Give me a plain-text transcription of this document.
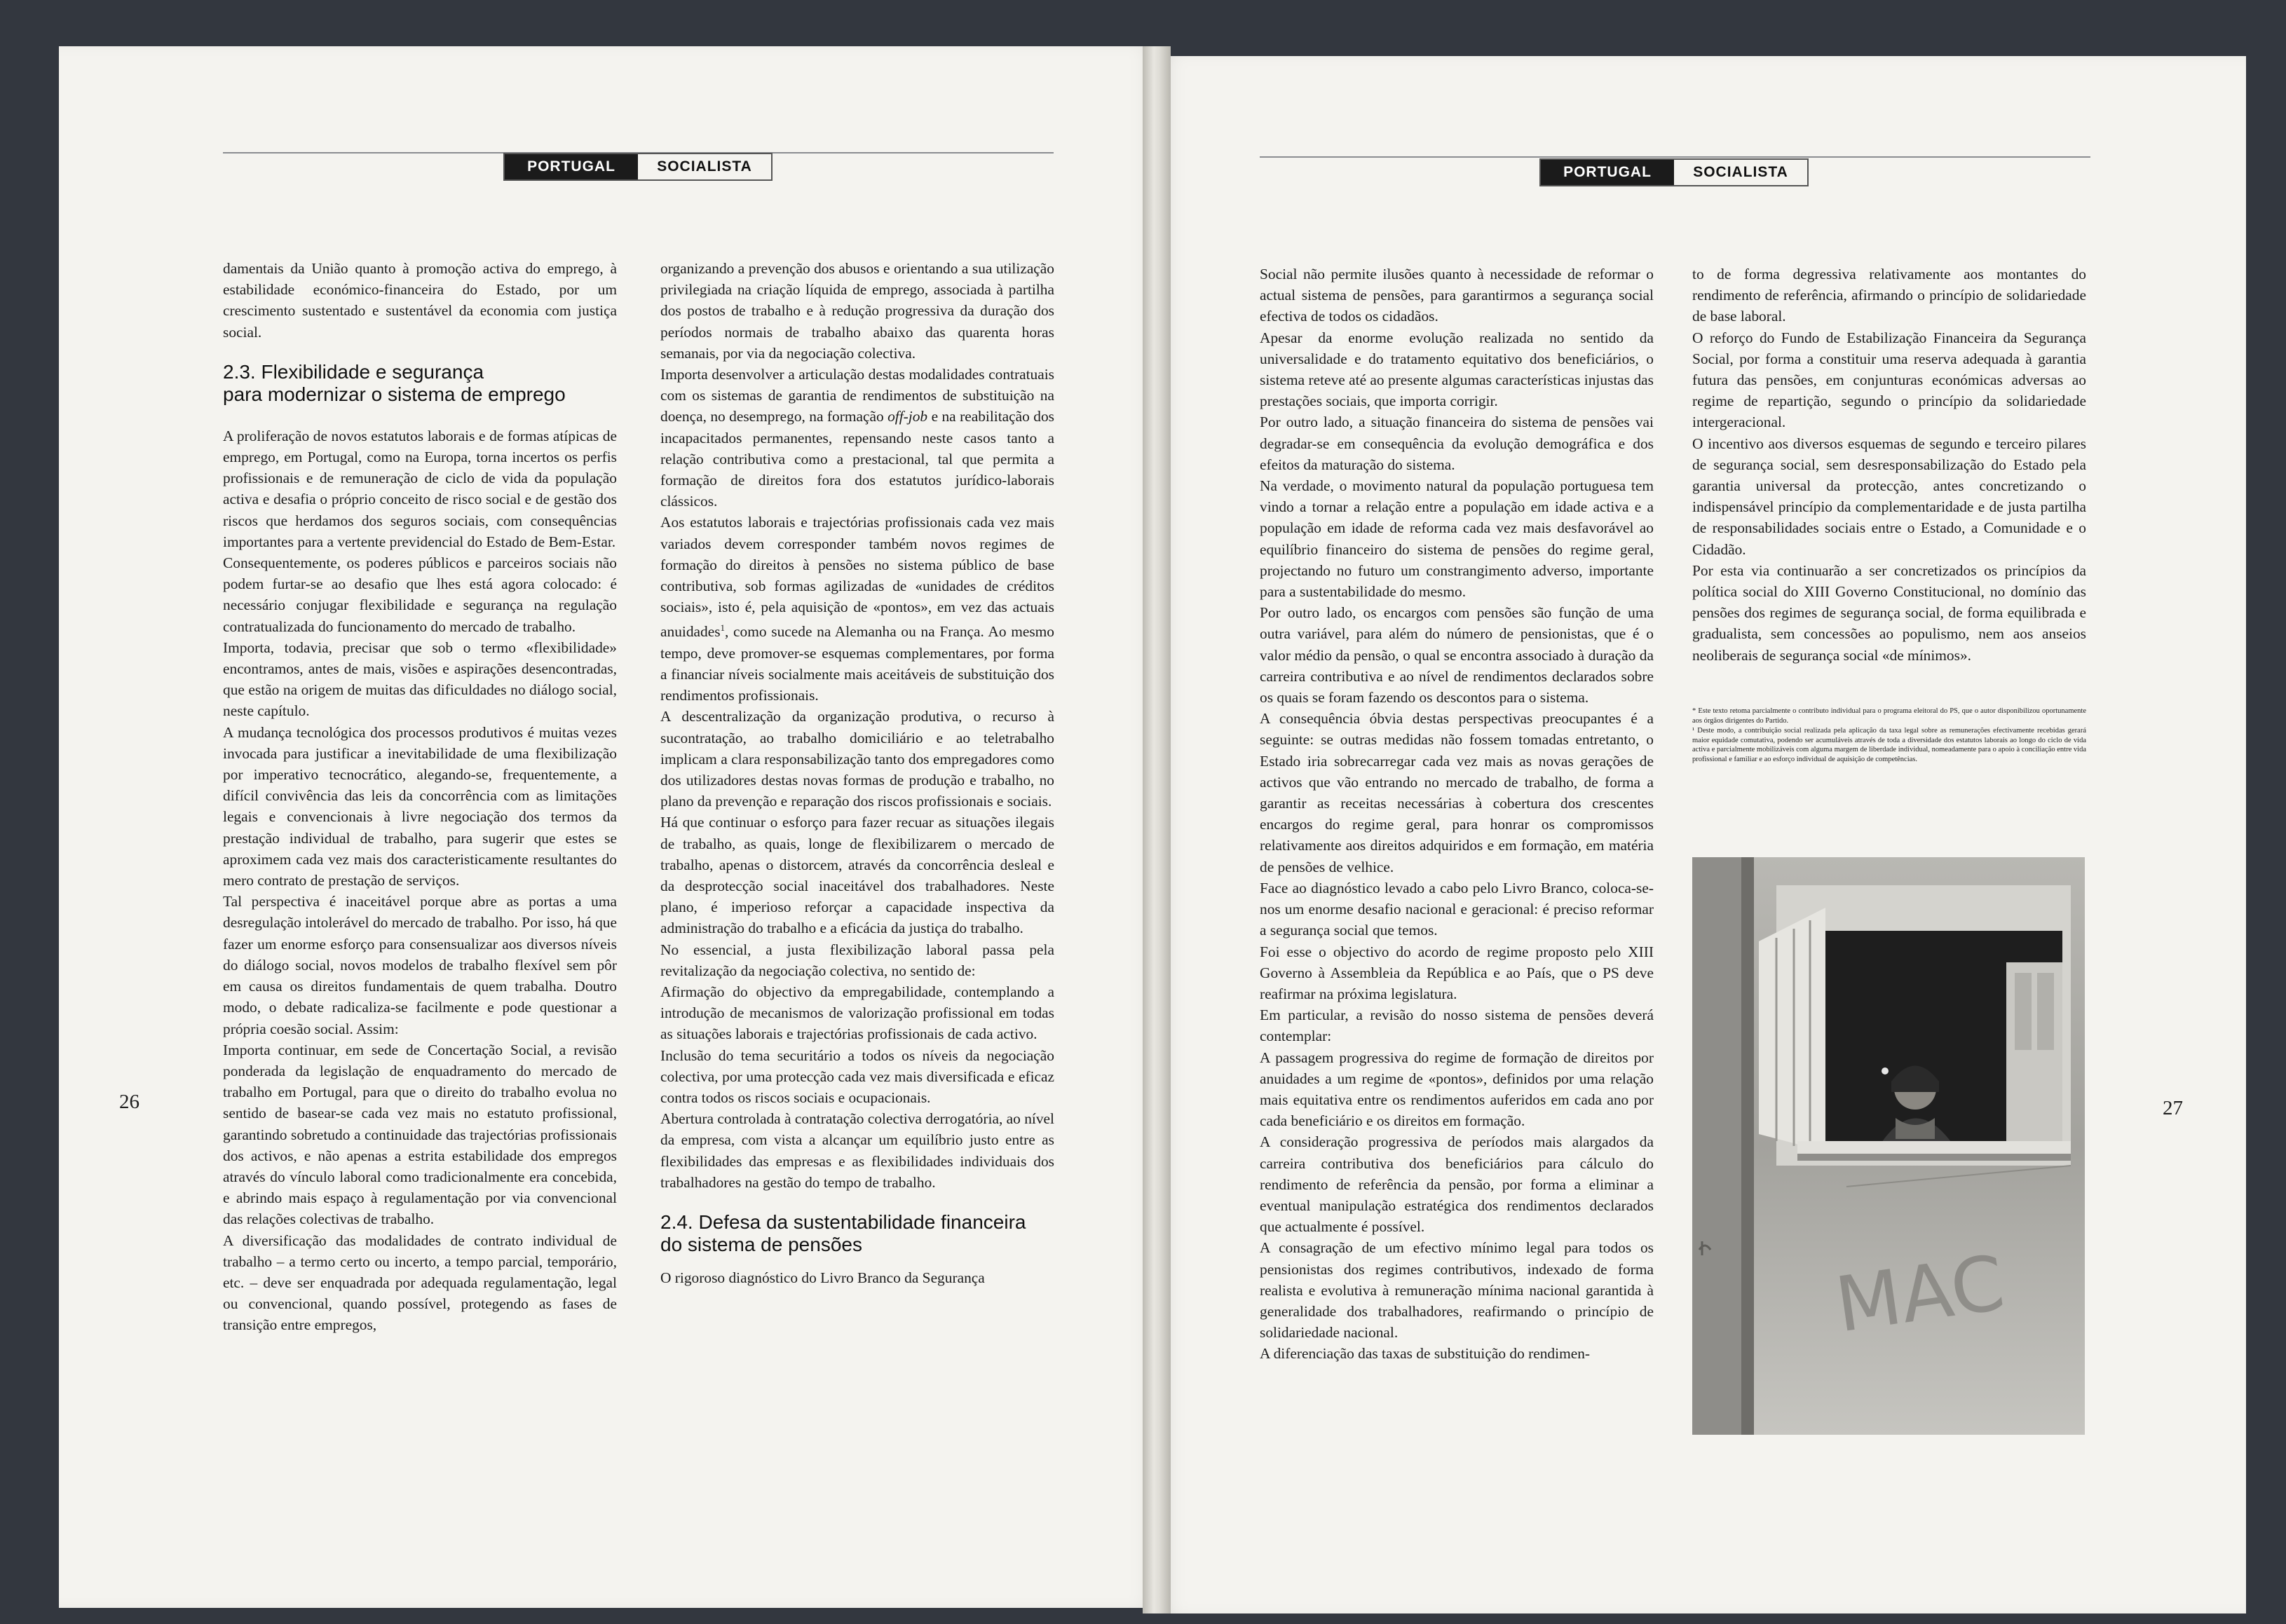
PORTUGAL	SOCIALISTA	PORTUGAL	SOCIALISTA

damentais da União quanto à promoção activa do emprego, à estabilidade económico-financeira do Estado, por um crescimento sustentado e sustentável da economia com justiça social.

2.3. Flexibilidade e segurança
para modernizar o sistema de emprego

A proliferação de novos estatutos laborais e de formas atípicas de emprego, em Portugal, como na Europa, torna incertos os perfis profissionais e de remuneração de ciclo de vida da população activa e desafia o próprio conceito de risco social e de gestão dos riscos que herdamos dos seguros sociais, com consequências importantes para a vertente previdencial do Estado de Bem-Estar.

Consequentemente, os poderes públicos e parceiros sociais não podem furtar-se ao desafio que lhes está agora colocado: é necessário conjugar flexibilidade e segurança na regulação contratualizada do funcionamento do mercado de trabalho.

Importa, todavia, precisar que sob o termo «flexibilidade» encontramos, antes de mais, visões e aspirações desencontradas, que estão na origem de muitas das dificuldades no diálogo social, neste capítulo.

A mudança tecnológica dos processos produtivos é muitas vezes invocada para justificar a inevitabilidade de uma flexibilização por imperativo tecnocrático, alegando-se, frequentemente, a difícil convivência das leis da concorrência com as limitações legais e convencionais à livre negociação dos termos da prestação individual de trabalho, para sugerir que estes se aproximem cada vez mais dos caracteristicamente resultantes do mero contrato de prestação de serviços.

Tal perspectiva é inaceitável porque abre as portas a uma desregulação intolerável do mercado de trabalho. Por isso, há que fazer um enorme esforço para consensualizar aos diversos níveis do diálogo social, novos modelos de trabalho flexível sem pôr em causa os direitos fundamentais de quem trabalha. Doutro modo, o debate radicaliza-se facilmente e pode questionar a própria coesão social. Assim:

Importa continuar, em sede de Concertação Social, a revisão ponderada da legislação de enquadramento do mercado de trabalho em Portugal, para que o direito do trabalho evolua no sentido de basear-se cada vez mais no estatuto profissional, garantindo sobretudo a continuidade das trajectórias profissionais dos activos, e não apenas a estrita estabilidade dos empregos através do vínculo laboral como tradicionalmente era concebida, e abrindo mais espaço à regulamentação por via convencional das relações colectivas de trabalho.

A diversificação das modalidades de contrato individual de trabalho – a termo certo ou incerto, a tempo parcial, temporário, etc. – deve ser enquadrada por adequada regulamentação, legal ou convencional, quando possível, protegendo as fases de transição entre empregos,

organizando a prevenção dos abusos e orientando a sua utilização privilegiada na criação líquida de emprego, associada à partilha dos postos de trabalho e à redução progressiva da duração dos períodos normais de trabalho abaixo das quarenta horas semanais, por via da negociação colectiva.

Importa desenvolver a articulação destas modalidades contratuais com os sistemas de garantia de rendimentos de substituição na doença, no desemprego, na formação off-job e na reabilitação dos incapacitados permanentes, repensando neste casos tanto a relação contributiva como a prestacional, tal que permita a formação de direitos fora dos estatutos jurídico-laborais clássicos.

Aos estatutos laborais e trajectórias profissionais cada vez mais variados devem corresponder também novos regimes de formação do direitos à pensões no sistema público de base contributiva, sob formas agilizadas de «unidades de créditos sociais», isto é, pela aquisição de «pontos», em vez das actuais anuidades$^1$, como sucede na Alemanha ou na França. Ao mesmo tempo, deve promover-se esquemas complementares, por forma a financiar níveis socialmente mais aceitáveis de substituição dos rendimentos profissionais.

A descentralização da organização produtiva, o recurso à sucontratação, ao trabalho domiciliário e ao teletrabalho implicam a clara responsabilização tanto dos empregadores como dos utilizadores destas novas formas de produção e trabalho, no plano da prevenção e reparação dos riscos profissionais e sociais.

Há que continuar o esforço para fazer recuar as situações ilegais de trabalho, as quais, longe de flexibilizarem o mercado de trabalho, apenas o distorcem, através da concorrência desleal e da desprotecção social inaceitável dos trabalhadores. Neste plano, é imperioso reforçar a capacidade inspectiva da administração do trabalho e a eficácia da justiça do trabalho.

No essencial, a justa flexibilização laboral passa pela revitalização da negociação colectiva, no sentido de:

Afirmação do objectivo da empregabilidade, contemplando a introdução de mecanismos de valorização profissional em todas as situações laborais e trajectórias profissionais de cada activo.

Inclusão do tema securitário a todos os níveis da negociação colectiva, por uma protecção cada vez mais diversificada e eficaz contra todos os riscos sociais e ocupacionais.

Abertura controlada à contratação colectiva derrogatória, ao nível da empresa, com vista a alcançar um equilíbrio justo entre as flexibilidades das empresas e as flexibilidades individuais dos trabalhadores na gestão do tempo de trabalho.

2.4. Defesa da sustentabilidade financeira
do sistema de pensões

O rigoroso diagnóstico do Livro Branco da Segurança

26

Social não permite ilusões quanto à necessidade de reformar o actual sistema de pensões, para garantirmos a segurança social efectiva de todos os cidadãos.

Apesar da enorme evolução realizada no sentido da universalidade e do tratamento equitativo dos beneficiários, o sistema reteve até ao presente algumas características injustas das prestações sociais, que importa corrigir.

Por outro lado, a situação financeira do sistema de pensões vai degradar-se em consequência da evolução demográfica e dos efeitos da maturação do sistema.

Na verdade, o movimento natural da população portuguesa tem vindo a tornar a relação entre a população em idade activa e a população em idade de reforma cada vez mais desfavorável ao equilíbrio financeiro do sistema de pensões do regime geral, projectando no futuro um constrangimento adverso, importante para a sustentabilidade do mesmo.

Por outro lado, os encargos com pensões são função de uma outra variável, para além do número de pensionistas, que é o valor médio da pensão, o qual se encontra associado à duração da carreira contributiva e ao nível de rendimentos declarados sobre os quais se foram fazendo os descontos para o sistema.

A consequência óbvia destas perspectivas preocupantes é a seguinte: se outras medidas não fossem tomadas entretanto, o Estado iria sobrecarregar cada vez mais as novas gerações de activos que vão entrando no mercado de trabalho, de forma a garantir as receitas necessárias à cobertura dos crescentes encargos do regime geral, para honrar os compromissos relativamente aos direitos adquiridos e em formação, em matéria de pensões de velhice.

Face ao diagnóstico levado a cabo pelo Livro Branco, coloca-se-nos um enorme desafio nacional e geracional: é preciso reformar a segurança social que temos.

Foi esse o objectivo do acordo de regime proposto pelo XIII Governo à Assembleia da República e ao País, que o PS deve reafirmar na próxima legislatura.

Em particular, a revisão do nosso sistema de pensões deverá contemplar:

A passagem progressiva do regime de formação de direitos por anuidades a um regime de «pontos», definidos por uma relação mais equitativa entre os rendimentos auferidos em cada ano por cada beneficiário e os direitos em formação.

A consideração progressiva de períodos mais alargados da carreira contributiva dos beneficiários para cálculo do rendimento de referência da pensão, por forma a eliminar a eventual manipulação estratégica dos rendimentos declarados que actualmente é possível.

A consagração de um efectivo mínimo legal para todos os pensionistas dos regimes contributivos, indexado de forma realista e evolutiva à remuneração mínima nacional garantida à generalidade dos trabalhadores, reafirmando o princípio de solidariedade nacional.

A diferenciação das taxas de substituição do rendimen-

to de forma degressiva relativamente aos montantes do rendimento de referência, afirmando o princípio de solidariedade de base laboral.

O reforço do Fundo de Estabilização Financeira da Segurança Social, por forma a constituir uma reserva adequada à garantia futura das pensões, em conjunturas económicas adversas ao regime de repartição, segundo o princípio da solidariedade intergeracional.

O incentivo aos diversos esquemas de segundo e terceiro pilares de segurança social, sem desresponsabilização do Estado pela garantia universal da protecção, antes concretizando o indispensável princípio da complementaridade e de justa partilha de responsabilidades sociais entre o Estado, a Comunidade e o Cidadão.

Por esta via continuarão a ser concretizados os princípios da política social do XIII Governo Constitucional, no domínio das pensões dos regimes de segurança social, de forma equilibrada e gradualista, sem concessões ao populismo, nem aos anseios neoliberais de segurança social «de mínimos».

* Este texto retoma parcialmente o contributo individual para o programa eleitoral do PS, que o autor disponibilizou oportunamente aos órgãos dirigentes do Partido.

¹ Deste modo, a contribuição social realizada pela aplicação da taxa legal sobre as remunerações efectivamente recebidas gerará maior equidade comutativa, podendo ser acumuláveis através de toda a diversidade dos estatutos laborais ao longo do ciclo de vida activa e parcialmente mobilizáveis com alguma margem de liberdade individual, nomeadamente para o apoio à conciliação entre vida profissional e familiar e ao esforço individual de aquisição de competências.

MAC
27
